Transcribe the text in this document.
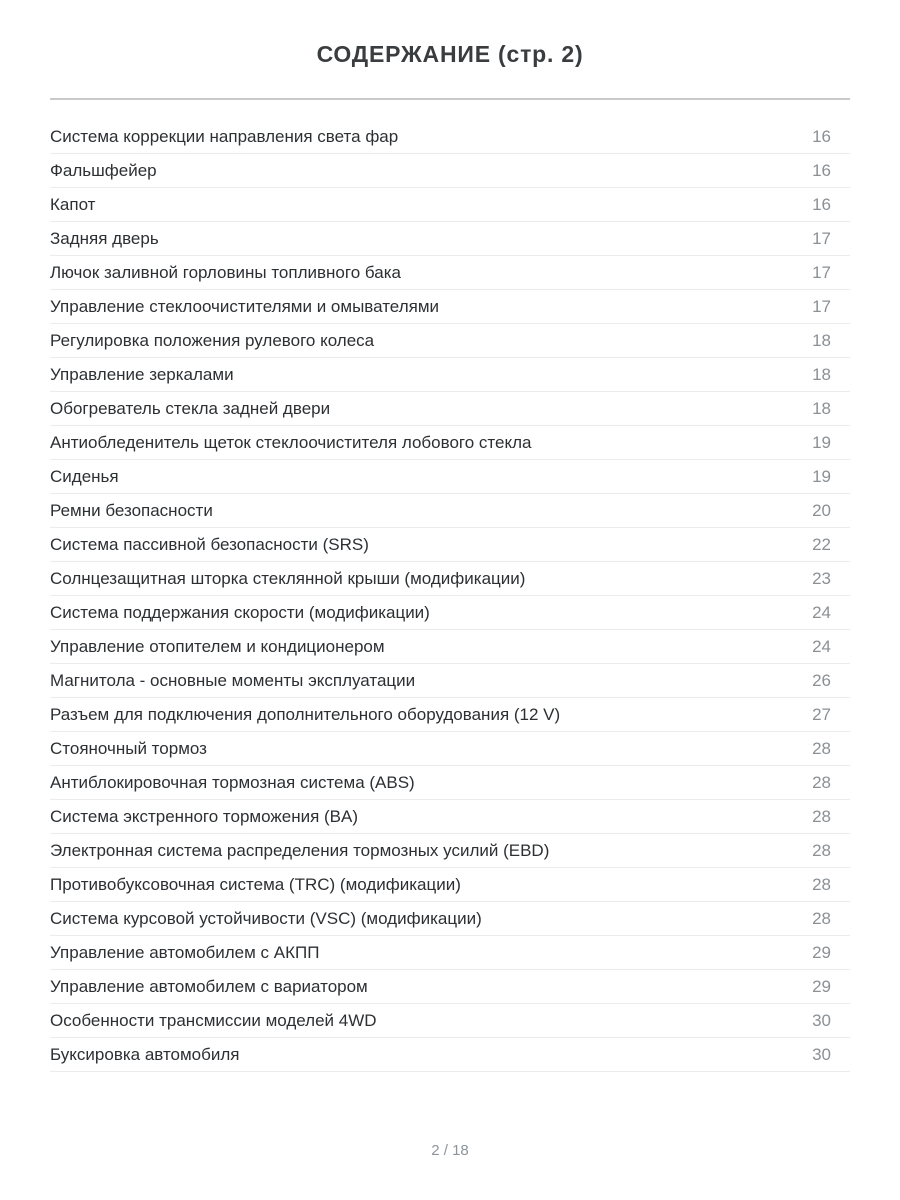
СОДЕРЖАНИЕ (стр. 2)
Система коррекции направления света фар	16
Фальшфейер	16
Капот	16
Задняя дверь	17
Лючок заливной горловины топливного бака	17
Управление стеклоочистителями и омывателями	17
Регулировка положения рулевого колеса	18
Управление зеркалами	18
Обогреватель стекла задней двери	18
Антиобледенитель щеток стеклоочистителя лобового стекла	19
Сиденья	19
Ремни безопасности	20
Система пассивной безопасности (SRS)	22
Солнцезащитная шторка стеклянной крыши (модификации)	23
Система поддержания скорости (модификации)	24
Управление отопителем и кондиционером	24
Магнитола - основные моменты эксплуатации	26
Разъем для подключения дополнительного оборудования (12 V)	27
Стояночный тормоз	28
Антиблокировочная тормозная система (ABS)	28
Система экстренного торможения (BA)	28
Электронная система распределения тормозных усилий (EBD)	28
Противобуксовочная система (TRC) (модификации)	28
Система курсовой устойчивости (VSC) (модификации)	28
Управление автомобилем с АКПП	29
Управление автомобилем с вариатором	29
Особенности трансмиссии моделей 4WD	30
Буксировка автомобиля	30
2 / 18
